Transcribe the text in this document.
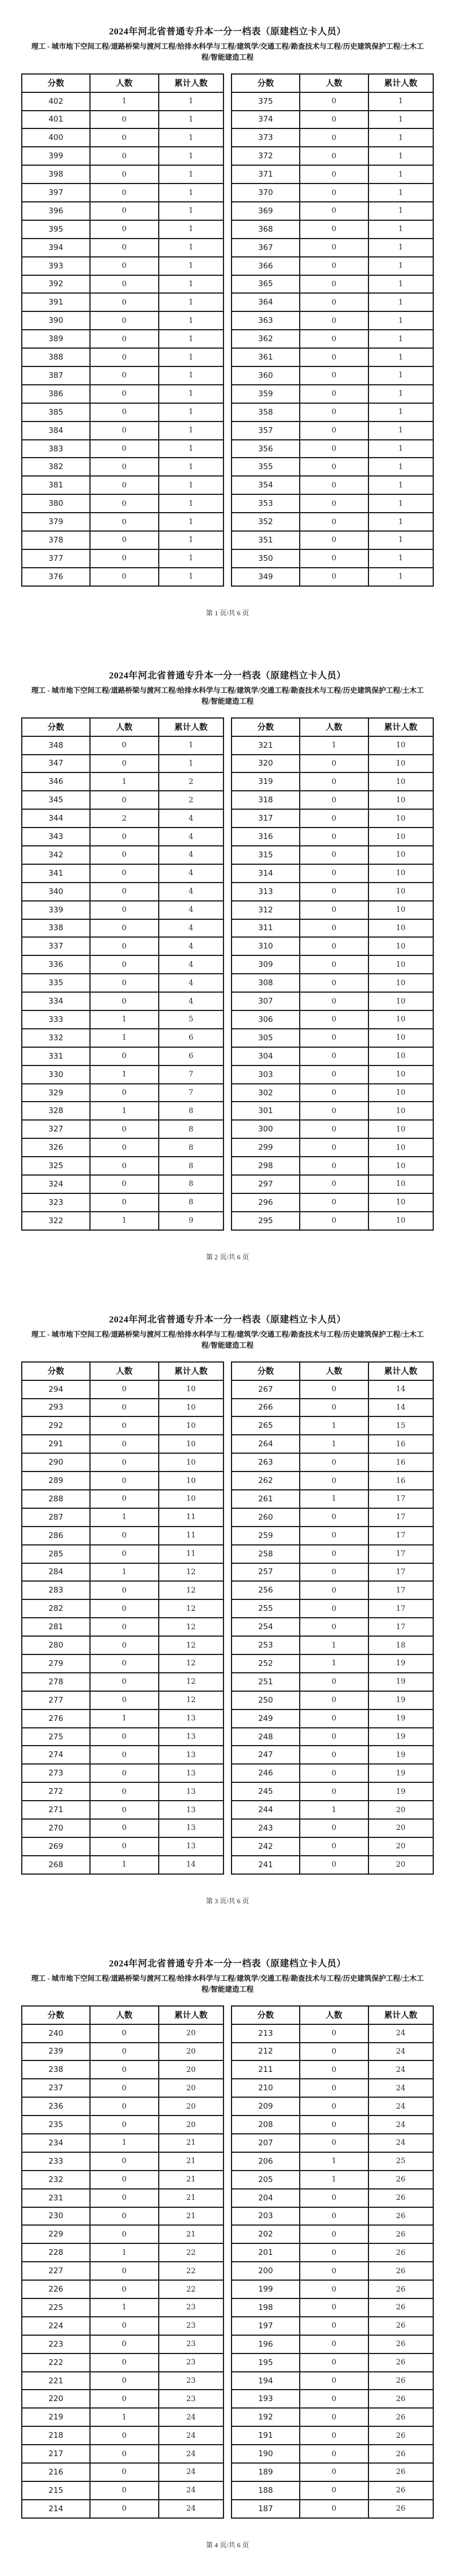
2024年河北省普通专升本一分一档表（原建档立卡人员）
理工 - 城市地下空间工程/道路桥梁与渡河工程/给排水科学与工程/建筑学/交通工程/勘查技术与工程/历史建筑保护工程/土木工程/智能建造工程
分数	人数	累计人数
402	1	1
401	0	1
400	0	1
399	0	1
398	0	1
397	0	1
396	0	1
395	0	1
394	0	1
393	0	1
392	0	1
391	0	1
390	0	1
389	0	1
388	0	1
387	0	1
386	0	1
385	0	1
384	0	1
383	0	1
382	0	1
381	0	1
380	0	1
379	0	1
378	0	1
377	0	1
376	0	1
分数	人数	累计人数
375	0	1
374	0	1
373	0	1
372	0	1
371	0	1
370	0	1
369	0	1
368	0	1
367	0	1
366	0	1
365	0	1
364	0	1
363	0	1
362	0	1
361	0	1
360	0	1
359	0	1
358	0	1
357	0	1
356	0	1
355	0	1
354	0	1
353	0	1
352	0	1
351	0	1
350	0	1
349	0	1
第 1 页/共 6 页
2024年河北省普通专升本一分一档表（原建档立卡人员）
理工 - 城市地下空间工程/道路桥梁与渡河工程/给排水科学与工程/建筑学/交通工程/勘查技术与工程/历史建筑保护工程/土木工程/智能建造工程
分数	人数	累计人数
348	0	1
347	0	1
346	1	2
345	0	2
344	2	4
343	0	4
342	0	4
341	0	4
340	0	4
339	0	4
338	0	4
337	0	4
336	0	4
335	0	4
334	0	4
333	1	5
332	1	6
331	0	6
330	1	7
329	0	7
328	1	8
327	0	8
326	0	8
325	0	8
324	0	8
323	0	8
322	1	9
分数	人数	累计人数
321	1	10
320	0	10
319	0	10
318	0	10
317	0	10
316	0	10
315	0	10
314	0	10
313	0	10
312	0	10
311	0	10
310	0	10
309	0	10
308	0	10
307	0	10
306	0	10
305	0	10
304	0	10
303	0	10
302	0	10
301	0	10
300	0	10
299	0	10
298	0	10
297	0	10
296	0	10
295	0	10
第 2 页/共 6 页
2024年河北省普通专升本一分一档表（原建档立卡人员）
理工 - 城市地下空间工程/道路桥梁与渡河工程/给排水科学与工程/建筑学/交通工程/勘查技术与工程/历史建筑保护工程/土木工程/智能建造工程
分数	人数	累计人数
294	0	10
293	0	10
292	0	10
291	0	10
290	0	10
289	0	10
288	0	10
287	1	11
286	0	11
285	0	11
284	1	12
283	0	12
282	0	12
281	0	12
280	0	12
279	0	12
278	0	12
277	0	12
276	1	13
275	0	13
274	0	13
273	0	13
272	0	13
271	0	13
270	0	13
269	0	13
268	1	14
分数	人数	累计人数
267	0	14
266	0	14
265	1	15
264	1	16
263	0	16
262	0	16
261	1	17
260	0	17
259	0	17
258	0	17
257	0	17
256	0	17
255	0	17
254	0	17
253	1	18
252	1	19
251	0	19
250	0	19
249	0	19
248	0	19
247	0	19
246	0	19
245	0	19
244	1	20
243	0	20
242	0	20
241	0	20
第 3 页/共 6 页
2024年河北省普通专升本一分一档表（原建档立卡人员）
理工 - 城市地下空间工程/道路桥梁与渡河工程/给排水科学与工程/建筑学/交通工程/勘查技术与工程/历史建筑保护工程/土木工程/智能建造工程
分数	人数	累计人数
240	0	20
239	0	20
238	0	20
237	0	20
236	0	20
235	0	20
234	1	21
233	0	21
232	0	21
231	0	21
230	0	21
229	0	21
228	1	22
227	0	22
226	0	22
225	1	23
224	0	23
223	0	23
222	0	23
221	0	23
220	0	23
219	1	24
218	0	24
217	0	24
216	0	24
215	0	24
214	0	24
分数	人数	累计人数
213	0	24
212	0	24
211	0	24
210	0	24
209	0	24
208	0	24
207	0	24
206	1	25
205	1	26
204	0	26
203	0	26
202	0	26
201	0	26
200	0	26
199	0	26
198	0	26
197	0	26
196	0	26
195	0	26
194	0	26
193	0	26
192	0	26
191	0	26
190	0	26
189	0	26
188	0	26
187	0	26
第 4 页/共 6 页
